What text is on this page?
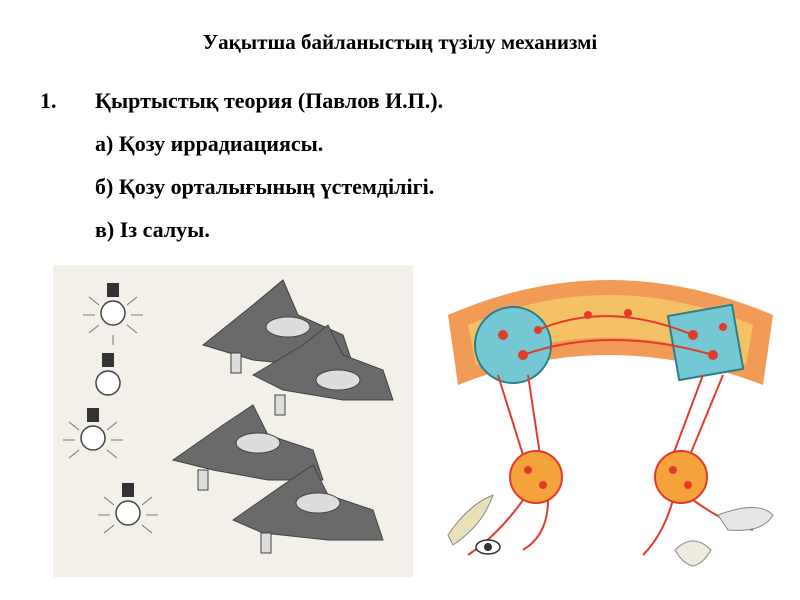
Уақытша байланыстың түзілу механизмі
1. Қыртыстық теория (Павлов И.П.).
а) Қозу иррадиациясы.
б) Қозу орталығының үстемділігі.
в) Із салуы.
